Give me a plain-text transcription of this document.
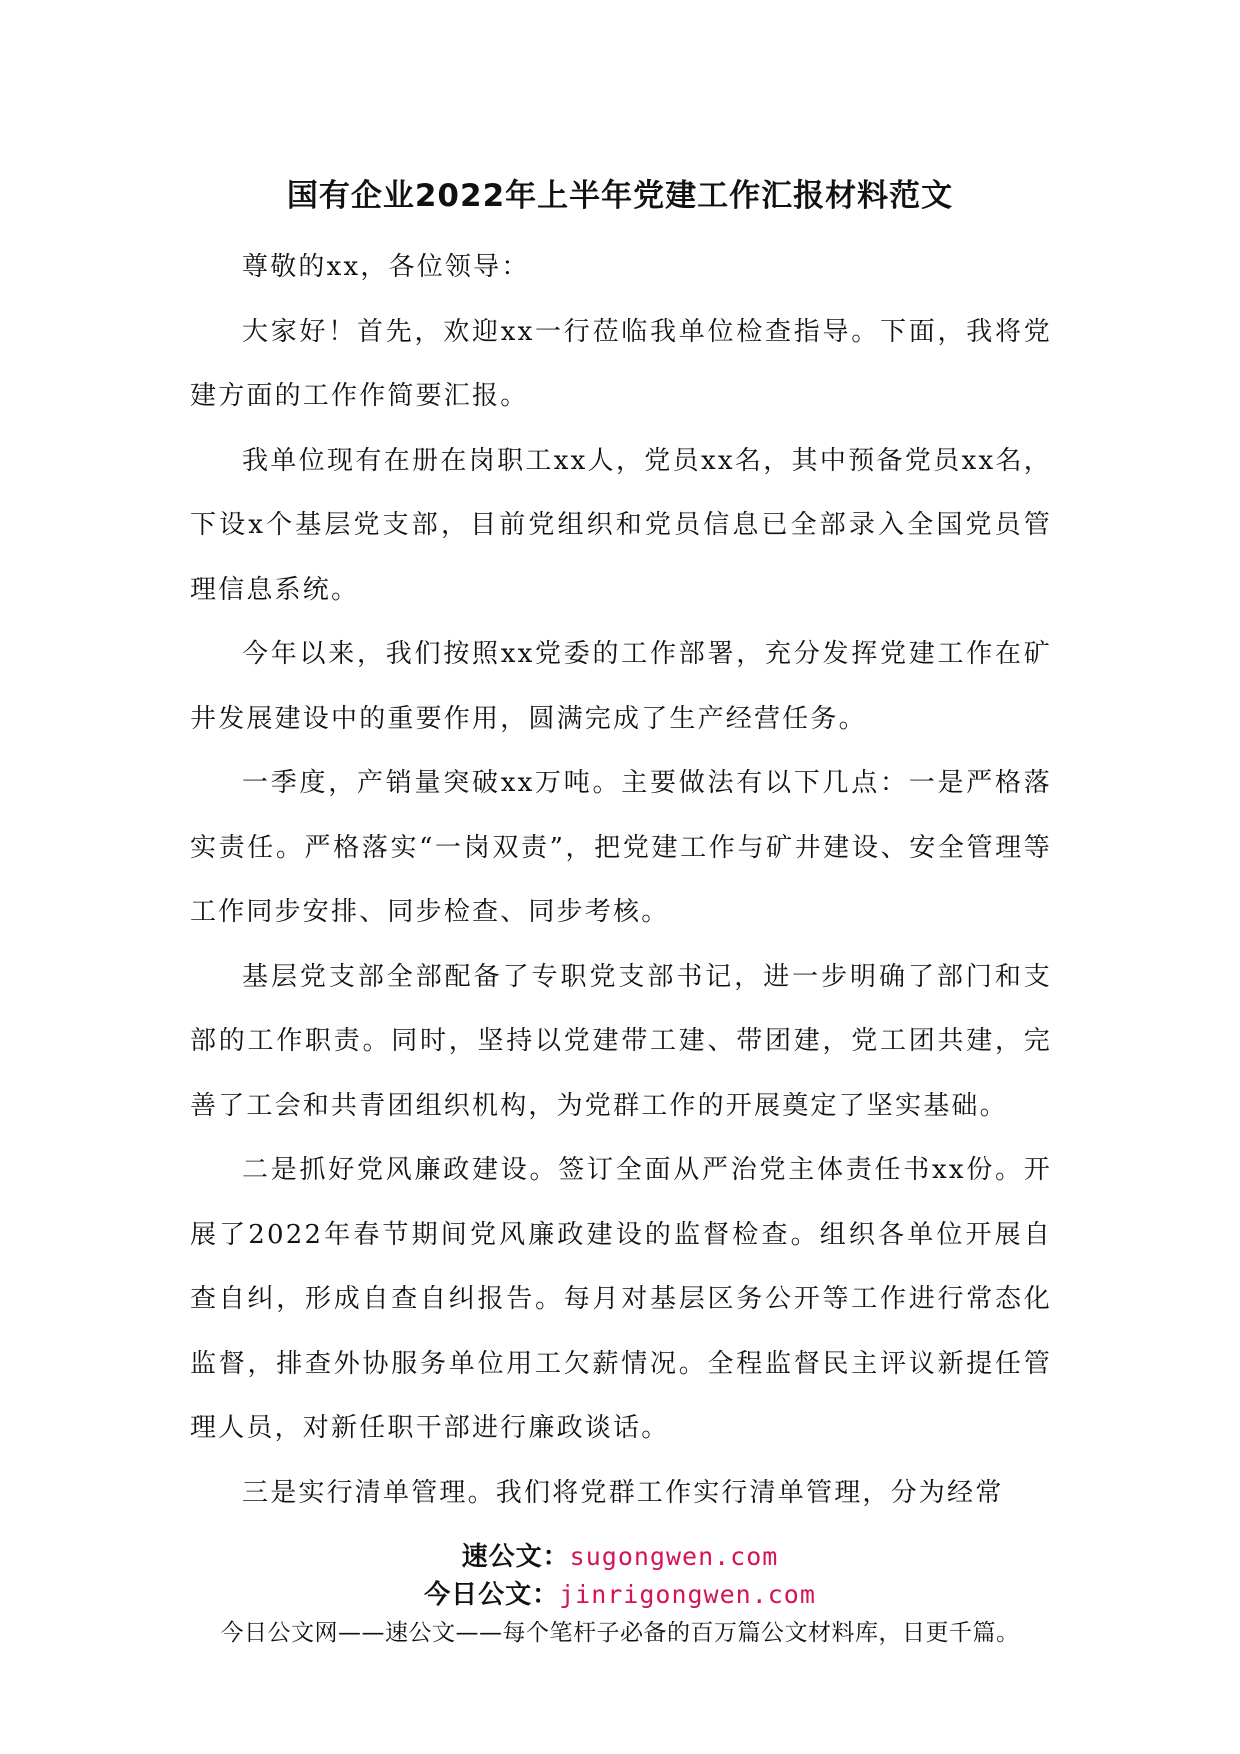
国有企业2022年上半年党建工作汇报材料范文

尊敬的xx，各位领导：

大家好！首先，欢迎xx一行莅临我单位检查指导。下面，我将党建方面的工作作简要汇报。

我单位现有在册在岗职工xx人，党员xx名，其中预备党员xx名，下设x个基层党支部，目前党组织和党员信息已全部录入全国党员管理信息系统。

今年以来，我们按照xx党委的工作部署，充分发挥党建工作在矿井发展建设中的重要作用，圆满完成了生产经营任务。

一季度，产销量突破xx万吨。主要做法有以下几点：一是严格落实责任。严格落实“一岗双责”，把党建工作与矿井建设、安全管理等工作同步安排、同步检查、同步考核。

基层党支部全部配备了专职党支部书记，进一步明确了部门和支部的工作职责。同时，坚持以党建带工建、带团建，党工团共建，完善了工会和共青团组织机构，为党群工作的开展奠定了坚实基础。

二是抓好党风廉政建设。签订全面从严治党主体责任书xx份。开展了2022年春节期间党风廉政建设的监督检查。组织各单位开展自查自纠，形成自查自纠报告。每月对基层区务公开等工作进行常态化监督，排查外协服务单位用工欠薪情况。全程监督民主评议新提任管理人员，对新任职干部进行廉政谈话。

三是实行清单管理。我们将党群工作实行清单管理，分为经常

速公文：sugongwen.com
今日公文：jinrigongwen.com
今日公文网——速公文——每个笔杆子必备的百万篇公文材料库，日更千篇。
